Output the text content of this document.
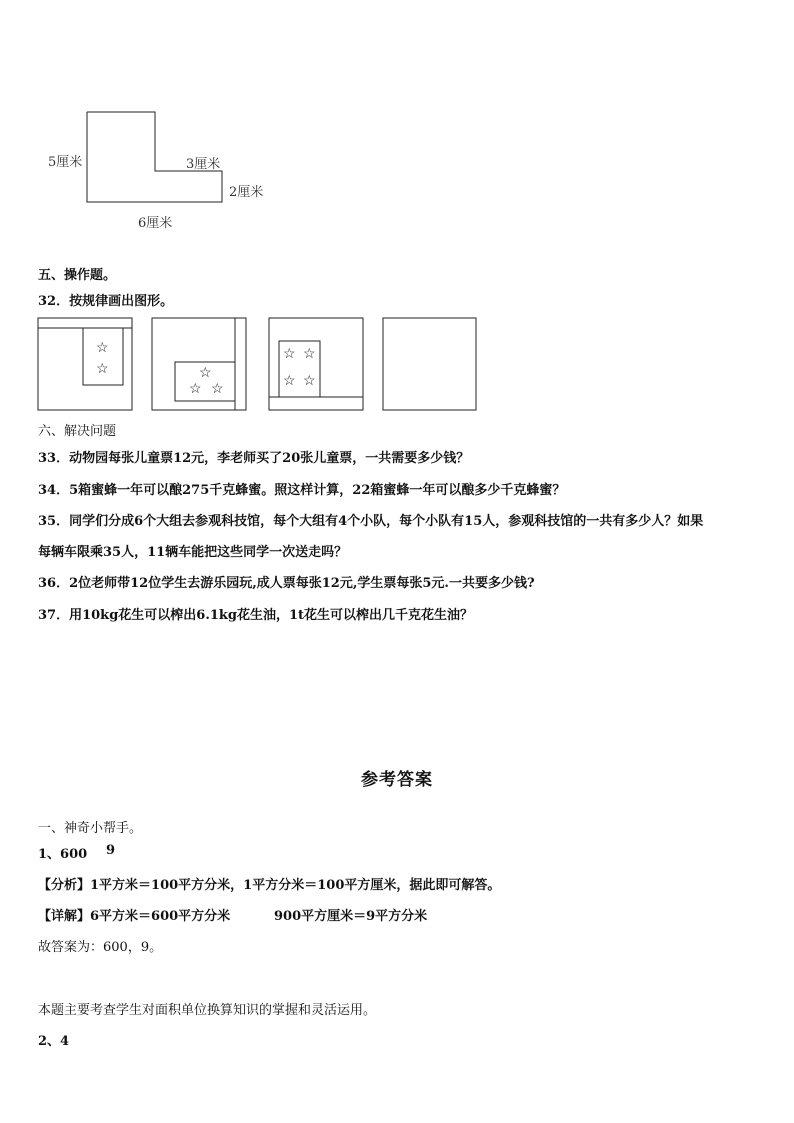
5厘米	3厘米
2厘米
6厘米
五、操作题。
32．按规律画出图形。
☆
☆	☆
☆ ☆
☆ ☆
☆ ☆
六、解决问题
33．动物园每张儿童票12元，李老师买了20张儿童票，一共需要多少钱？
34．5箱蜜蜂一年可以酿275千克蜂蜜。照这样计算，22箱蜜蜂一年可以酿多少千克蜂蜜？
35．同学们分成6个大组去参观科技馆，每个大组有4个小队，每个小队有15人，参观科技馆的一共有多少人？如果
每辆车限乘35人，11辆车能把这些同学一次送走吗？
36．2位老师带12位学生去游乐园玩,成人票每张12元,学生票每张5元.一共要多少钱?
37．用10kg花生可以榨出6.1kg花生油，1t花生可以榨出几千克花生油？
参考答案
一、神奇小帮手。
1、600 9
【分析】1平方米＝100平方分米，1平方分米＝100平方厘米，据此即可解答。
【详解】6平方米＝600平方分米	900平方厘米＝9平方分米
故答案为：600，9。
本题主要考查学生对面积单位换算知识的掌握和灵活运用。
2、4
